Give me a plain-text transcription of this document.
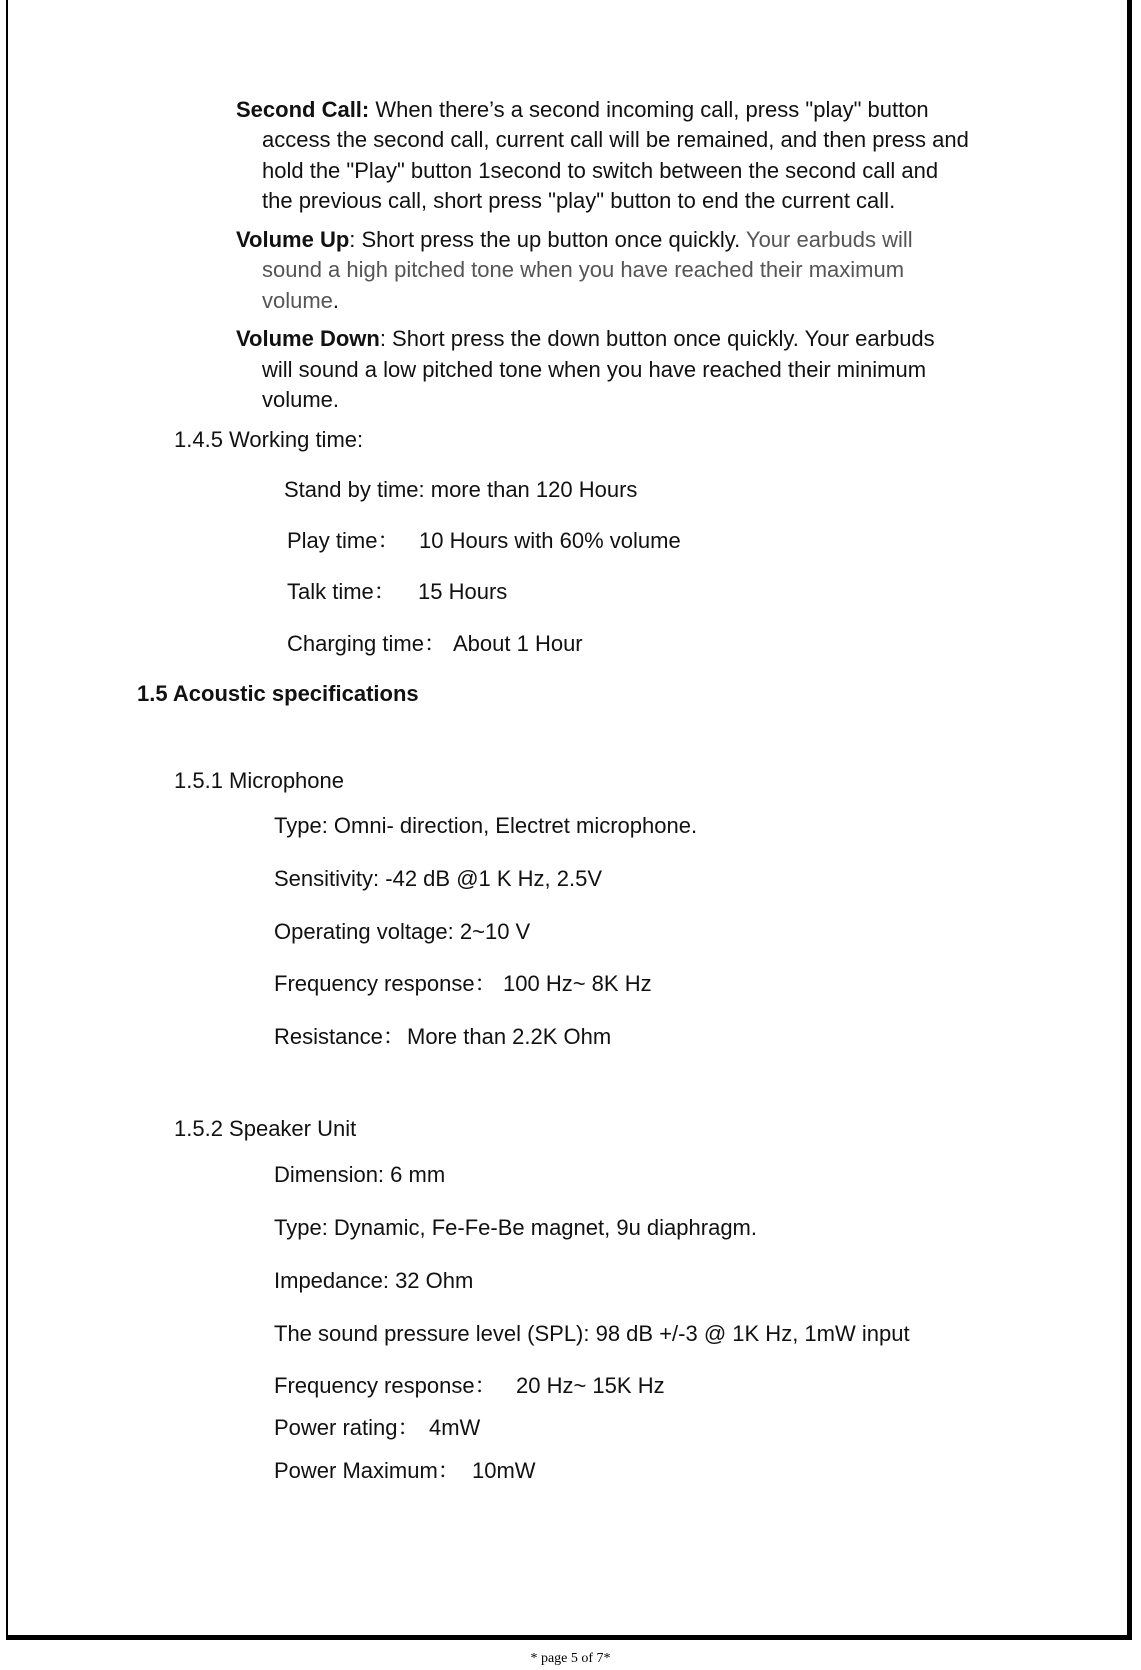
Second Call: When there’s a second incoming call, press "play" button
access the second call, current call will be remained, and then press and
hold the "Play" button 1second to switch between the second call and
the previous call, short press "play" button to end the current call.
Volume Up: Short press the up button once quickly. Your earbuds will
sound a high pitched tone when you have reached their maximum
volume.
Volume Down: Short press the down button once quickly. Your earbuds
will sound a low pitched tone when you have reached their minimum
volume.
1.4.5 Working time:
Stand by time: more than 120 Hours
Play time： 10 Hours with 60% volume
Talk time： 15 Hours
Charging time： About 1 Hour
1.5 Acoustic specifications
1.5.1 Microphone
Type: Omni- direction, Electret microphone.
Sensitivity: -42 dB @1 K Hz, 2.5V
Operating voltage: 2~10 V
Frequency response： 100 Hz~ 8K Hz
Resistance： More than 2.2K Ohm
1.5.2 Speaker Unit
Dimension: 6 mm
Type: Dynamic, Fe-Fe-Be magnet, 9u diaphragm.
Impedance: 32 Ohm
The sound pressure level (SPL): 98 dB +/-3 @ 1K Hz, 1mW input
Frequency response： 20 Hz~ 15K Hz
Power rating： 4mW
Power Maximum： 10mW
* page 5 of 7*
